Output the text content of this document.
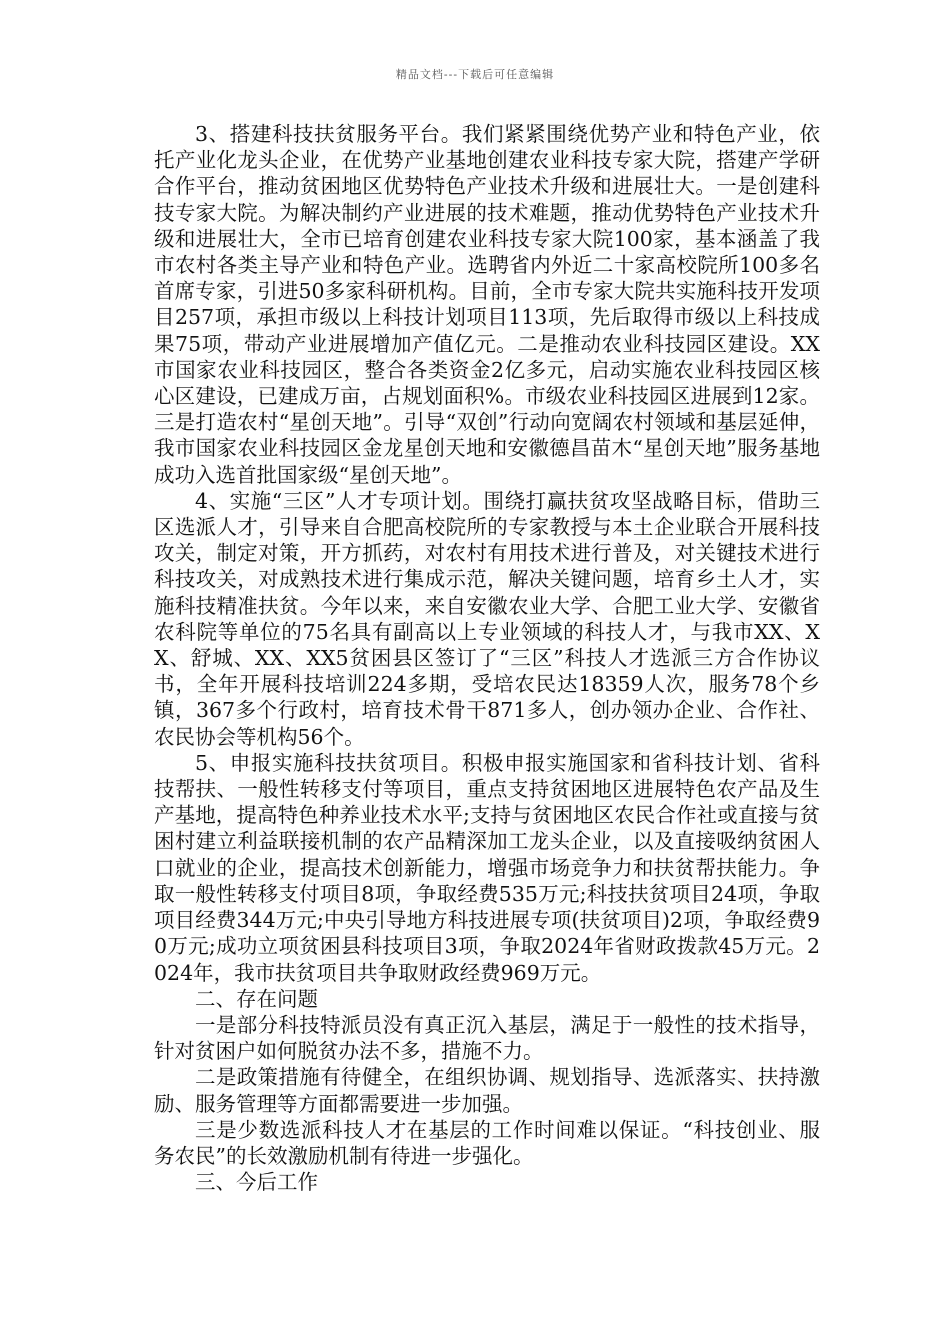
精品文档---下载后可任意编辑

3、搭建科技扶贫服务平台。我们紧紧围绕优势产业和特色产业，依托产业化龙头企业，在优势产业基地创建农业科技专家大院，搭建产学研合作平台，推动贫困地区优势特色产业技术升级和进展壮大。一是创建科技专家大院。为解决制约产业进展的技术难题，推动优势特色产业技术升级和进展壮大，全市已培育创建农业科技专家大院100家，基本涵盖了我市农村各类主导产业和特色产业。选聘省内外近二十家高校院所100多名首席专家，引进50多家科研机构。目前，全市专家大院共实施科技开发项目257项，承担市级以上科技计划项目113项，先后取得市级以上科技成果75项，带动产业进展增加产值亿元。二是推动农业科技园区建设。XX市国家农业科技园区，整合各类资金2亿多元，启动实施农业科技园区核心区建设，已建成万亩，占规划面积%。市级农业科技园区进展到12家。三是打造农村“星创天地”。引导“双创”行动向宽阔农村领域和基层延伸，我市国家农业科技园区金龙星创天地和安徽德昌苗木“星创天地”服务基地成功入选首批国家级“星创天地”。

4、实施“三区”人才专项计划。围绕打赢扶贫攻坚战略目标，借助三区选派人才，引导来自合肥高校院所的专家教授与本土企业联合开展科技攻关，制定对策，开方抓药，对农村有用技术进行普及，对关键技术进行科技攻关，对成熟技术进行集成示范，解决关键问题，培育乡土人才，实施科技精准扶贫。今年以来，来自安徽农业大学、合肥工业大学、安徽省农科院等单位的75名具有副高以上专业领域的科技人才，与我市XX、XX、舒城、XX、XX5贫困县区签订了“三区”科技人才选派三方合作协议书，全年开展科技培训224多期，受培农民达18359人次，服务78个乡镇，367多个行政村，培育技术骨干871多人，创办领办企业、合作社、农民协会等机构56个。

5、申报实施科技扶贫项目。积极申报实施国家和省科技计划、省科技帮扶、一般性转移支付等项目，重点支持贫困地区进展特色农产品及生产基地，提高特色种养业技术水平;支持与贫困地区农民合作社或直接与贫困村建立利益联接机制的农产品精深加工龙头企业，以及直接吸纳贫困人口就业的企业，提高技术创新能力，增强市场竞争力和扶贫帮扶能力。争取一般性转移支付项目8项，争取经费535万元;科技扶贫项目24项，争取项目经费344万元;中央引导地方科技进展专项(扶贫项目)2项，争取经费90万元;成功立项贫困县科技项目3项，争取2024年省财政拨款45万元。2024年，我市扶贫项目共争取财政经费969万元。

二、存在问题

一是部分科技特派员没有真正沉入基层，满足于一般性的技术指导，针对贫困户如何脱贫办法不多，措施不力。

二是政策措施有待健全，在组织协调、规划指导、选派落实、扶持激励、服务管理等方面都需要进一步加强。

三是少数选派科技人才在基层的工作时间难以保证。“科技创业、服务农民”的长效激励机制有待进一步强化。

三、今后工作
